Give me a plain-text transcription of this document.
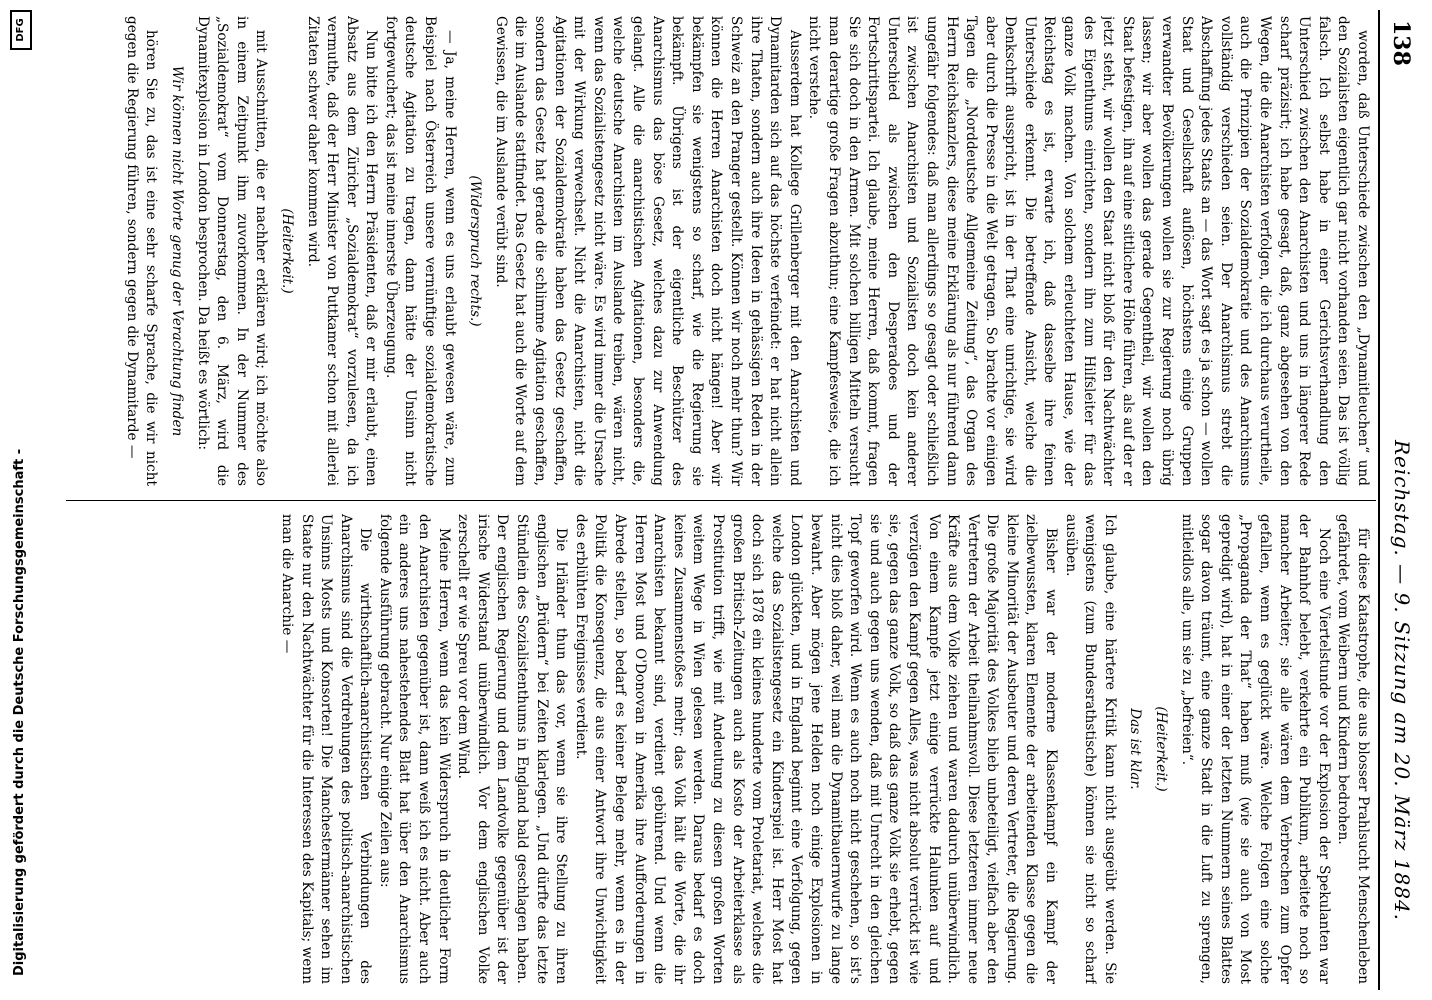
138
Reichstag. — 9. Sitzung am 20. März 1884.

worden, daß Unterschiede zwischen den „Dynamitleuchen“ und den Sozialisten eigentlich gar nicht vorhanden seien. Das ist völlig falsch. Ich selbst habe in einer Gerichtsverhandlung den Unterschied zwischen den Anarchisten und uns in längerer Rede scharf präzisirt; ich habe gesagt, daß, ganz abgesehen von den Wegen, die die Anarchisten verfolgen, die ich durchaus verurtheile, auch die Prinzipien der Sozialdemokratie und des Anarchismus vollständig verschieden seien. Der Anarchismus strebt die Abschaffung jedes Staats an — das Wort sagt es ja schon — wollen Staat und Gesellschaft auflösen, höchstens einige Gruppen verwandter Bevölkerungen wollen sie zur Regierung noch übrig lassen; wir aber wollen das gerade Gegentheil, wir wollen den Staat befestigen, ihn auf eine sittlichere Höhe führen, als auf der er jetzt steht, wir wollen den Staat nicht bloß für den Nachtwächter des Eigenthums einrichten, sondern ihn zum Hilfsleiter für das ganze Volk machen. Von solchem erleuchteten Hause, wie der Reichstag es ist, erwarte ich, daß dasselbe ihre feinen Unterschiede erkennt. Die betreffende Ansicht, welche die Denkschrift ausspricht, ist in der That eine unrichtige, sie wird aber durch die Presse in die Welt getragen. So brachte vor einigen Tagen die „Norddeutsche Allgemeine Zeitung“, das Organ des Herrn Reichskanzlers, diese meine Erklärung als nur führend dann ungefähr folgendes: daß man allerdings so gesagt oder schließlich ist zwischen Anarchisten und Sozialisten doch kein anderer Unterschied als zwischen den Desperadoes und der Fortschrittspartei. Ich glaube, meine Herren, daß kommt, fragen Sie sich doch in den Armen. Mit solchen billigen Mitteln versucht man derartige große Fragen abzuthun; eine Kampfesweise, die ich nicht verstehe.

Ausserdem hat Kollege Grillenberger mit den Anarchisten und Dynamitarden sich auf das höchste verfeindet: er hat nicht allein ihre Thaten, sondern auch ihre Ideen in gehässigen Reden in der Schweiz an den Pranger gestellt. Können wir noch mehr thun? Wir können die Herren Anarchisten doch nicht hängen! Aber wir bekämpfen sie wenigstens so scharf, wie die Regierung sie bekämpft. Übrigens ist der eigentliche Beschützer des Anarchismus das böse Gesetz, welches dazu zur Anwendung gelangt. Alle die anarchistischen Agitationen, besonders die, welche deutsche Anarchisten im Auslande treiben, wären nicht, wenn das Sozialistengesetz nicht wäre. Es wird immer die Ursache mit der Wirkung verwechselt. Nicht die Anarchisten, nicht die Agitationen der Sozialdemokratie haben das Gesetz geschaffen, sondern das Gesetz hat gerade die schlimme Agitation geschaffen, die im Auslande stattfindet. Das Gesetz hat auch die Worte auf dem Gewissen, die im Auslande verübt sind.

(Widerspruch rechts.)

— Ja, meine Herren, wenn es uns erlaubt gewesen wäre, zum Beispiel nach Österreich unsere vernünftige sozialdemokratische deutsche Agitation zu tragen, dann hätte der Unsinn nicht fortgewuchert; das ist meine innerste Überzeugung.

Nun bitte ich den Herrn Präsidenten, daß er mir erlaubt, einen Absatz aus dem Züricher „Sozialdemokrat“ vorzulesen, da ich vermuthe, daß der Herr Minister von Puttkamer schon mit allerlei Zitaten schwer daher kommen wird.

(Heiterkeit.)

mit Ausschnitten, die er nachher erklären wird; ich möchte also in einem Zeitpunkt ihm zuvorkommen. In der Nummer des „Sozialdemokrat“ vom Donnerstag, den 6. März, wird die Dynamitexplosion in London besprochen. Da heißt es wörtlich:

Wir können nicht Worte genug der Verachtung finden

hören Sie zu, das ist eine sehr scharfe Sprache, die wir nicht gegen die Regierung führen, sondern gegen die Dynamitarde —

für diese Katastrophe, die aus blosser Prahlsucht Menschenleben gefährdet, vom Weibern und Kindern bedrohen.

Noch eine Viertelstunde vor der Explosion der Spekulanten war der Bahnhof belebt, verkehrte ein Publikum, arbeitete noch so mancher Arbeiter; sie alle wären dem Verbrechen zum Opfer gefallen, wenn es geglückt wäre. Welche Folgen eine solche „Propaganda der That“ haben muß (wie sie auch von Most gepredigt wird), hat in einer der letzten Nummern seines Blattes sogar davon träumt, eine ganze Stadt in die Luft zu sprengen, mitleidlos alle, um sie zu „befreien“.

(Heiterkeit.)

Das ist klar.

Ich glaube, eine härtere Kritik kann nicht ausgeübt werden. Sie wenigstens (zum Bundesrathstische) können sie nicht so scharf ausüben.

Bisher war der moderne Klassenkampf ein Kampf der zielbewussten, klaren Elemente der arbeitenden Klasse gegen die kleine Minorität der Ausbeuter und deren Vertreter, die Regierung. Die große Majorität des Volkes blieb unbeteiligt, vielfach aber den Vertretern der Arbeit theilnahmsvoll. Diese letzteren immer neue Kräfte aus dem Volke ziehen und waren dadurch unüberwindlich. Von einem Kampfe jetzt einige verrückte Halunken auf und verzügen den Kampf gegen Alles, was nicht absolut verrückt ist wie sie, gegen das ganze Volk, so daß das ganze Volk sie erhebt, gegen sie und auch gegen uns wenden, daß mit Unrecht in den gleichen Topf geworfen wird. Wenn es auch noch nicht geschehen, so ist's nicht dies bloß daher, weil man die Dynamitbauernwurfe zu lange bewahrt. Aber mögen jene Helden noch einige Explosionen in London glückten, und in England beginnt eine Verfolgung, gegen welche das Sozialistengesetz ein Kinderspiel ist. Herr Most hat doch sich 1878 ein kleines hunderte vom Proletariat, welches die großen Britisch-Zeitungen auch als Kosto der Arbeiterklasse als Prostitution trifft, wie mit Andeutung zu diesen großen Worten weitem Wege in Wien gelesen werden. Daraus bedarf es doch keines Zusammenstoßes mehr; das Volk hält die Worte, die ihr Anarchisten bekannt sind, verdient gebührend. Und wenn die Herren Most und O'Donovan in Amerika ihre Aufforderungen in Abrede stellen, so bedarf es keiner Belege mehr, wenn es in der Politik die Konsequenz, die aus einer Antwort ihre Unwichtigkeit des erblühten Ereignisses verdient.

Die Irländer thun das vor, wenn sie ihre Stellung zu ihren englischen „Brüdern“ bei Zeiten klarlegen. „Und dürfte das letzte Stündlein des Sozialistenthums in England bald geschlagen haben. Der englischen Regierung und dem Landvolke gegenüber ist der irische Widerstand unüberwindlich. Vor dem englischen Volke zerschellt er wie Spreu vor dem Wind.

Meine Herren, wenn das kein Widerspruch in deutlicher Form den Anarchisten gegenüber ist, dann weiß ich es nicht. Aber auch ein anderes uns nahestehendes Blatt hat über den Anarchismus folgende Ausführung gebracht. Nur einige Zeilen aus:

Die wirthschaftlich-anarchistischen Verbindungen des Anarchismus sind die Verdrehungen des politisch-anarchistischen Unsinns Mosts und Konsorten! Die Manchestermänner sehen im Staate nur den Nachtwächter für die Interessen des Kapitals; wenn man die Anarchie —

Digitalisierung gefördert durch die Deutsche Forschungsgemeinschaft -
DFG
